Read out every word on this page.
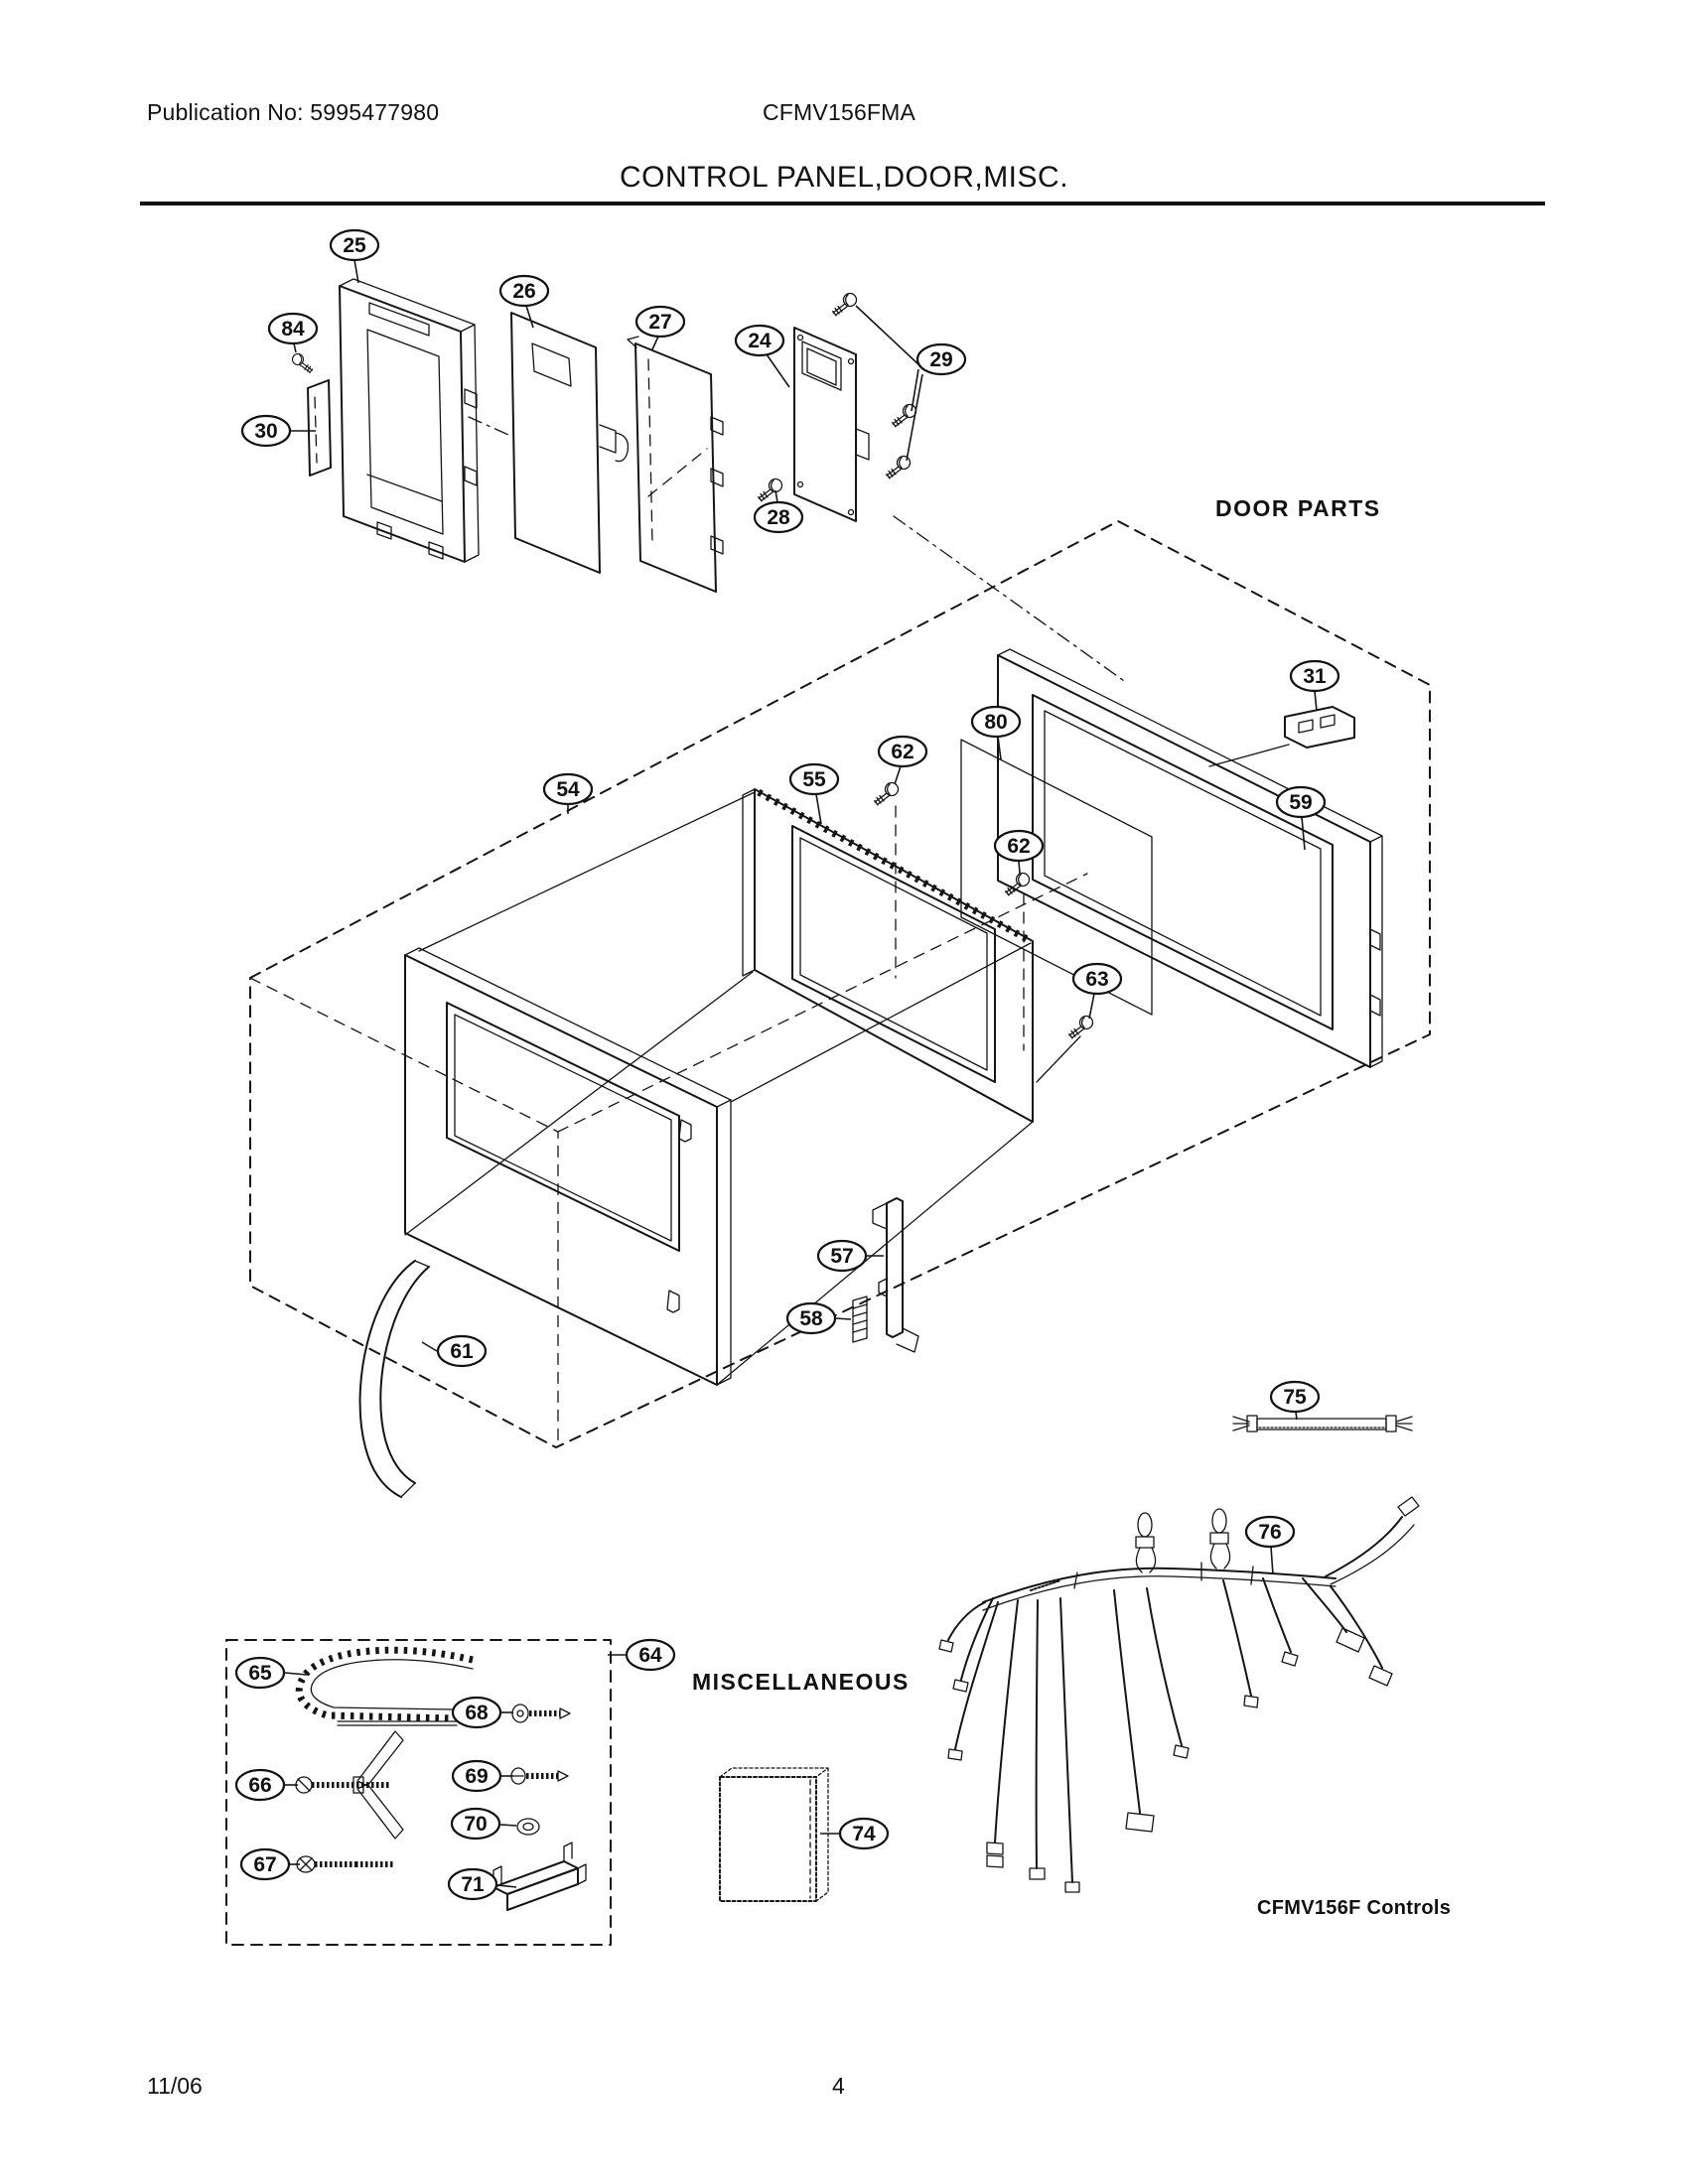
Publication No: 5995477980	CFMV156FMA
CONTROL PANEL,DOOR,MISC.
DOOR PARTS
MISCELLANEOUS
CFMV156F Controls
11/06	4
25
84
30
26
27
24
29
28
31
80
62
55
54
59
62
63
57
58
61
75
76
64
65
66
67
68
69
70
71
74
